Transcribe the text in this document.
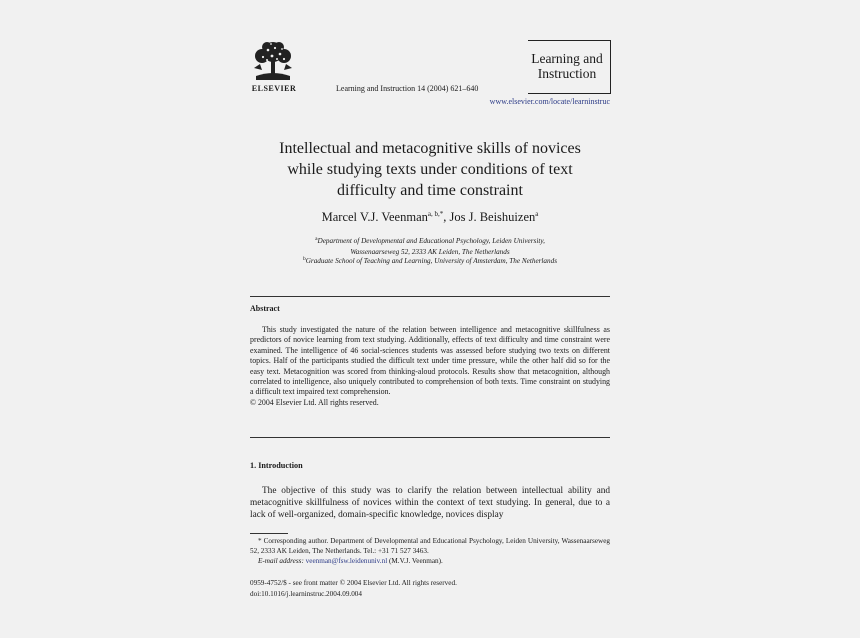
ELSEVIER	Learning and Instruction 14 (2004) 621–640
Learning and
Instruction
www.elsevier.com/locate/learninstruc
Intellectual and metacognitive skills of novices
while studying texts under conditions of text
difficulty and time constraint
Marcel V.J. Veenman$^{a, b,*}$, Jos J. Beishuizen$^a$
$^a$Department of Developmental and Educational Psychology, Leiden University,
Wassenaarseweg 52, 2333 AK Leiden, The Netherlands
$^b$Graduate School of Teaching and Learning, University of Amsterdam, The Netherlands
Abstract

This study investigated the nature of the relation between intelligence and metacognitive skillfulness as predictors of novice learning from text studying. Additionally, effects of text difficulty and time constraint were examined. The intelligence of 46 social-sciences students was assessed before studying two texts on different topics. Half of the participants studied the difficult text under time pressure, while the other half did so for the easy text. Metacognition was scored from thinking-aloud protocols. Results show that metacognition, although correlated to intelligence, also uniquely contributed to comprehension of both texts. Time constraint on studying a difficult text impaired text comprehension.

© 2004 Elsevier Ltd. All rights reserved.

1. Introduction

The objective of this study was to clarify the relation between intellectual ability and metacognitive skillfulness of novices within the context of text studying. In general, due to a lack of well-organized, domain-specific knowledge, novices display

* Corresponding author. Department of Developmental and Educational Psychology, Leiden University, Wassenaarseweg 52, 2333 AK Leiden, The Netherlands. Tel.: +31 71 527 3463.

E-mail address: veenman@fsw.leidenuniv.nl (M.V.J. Veenman).

0959-4752/$ - see front matter © 2004 Elsevier Ltd. All rights reserved.

doi:10.1016/j.learninstruc.2004.09.004
